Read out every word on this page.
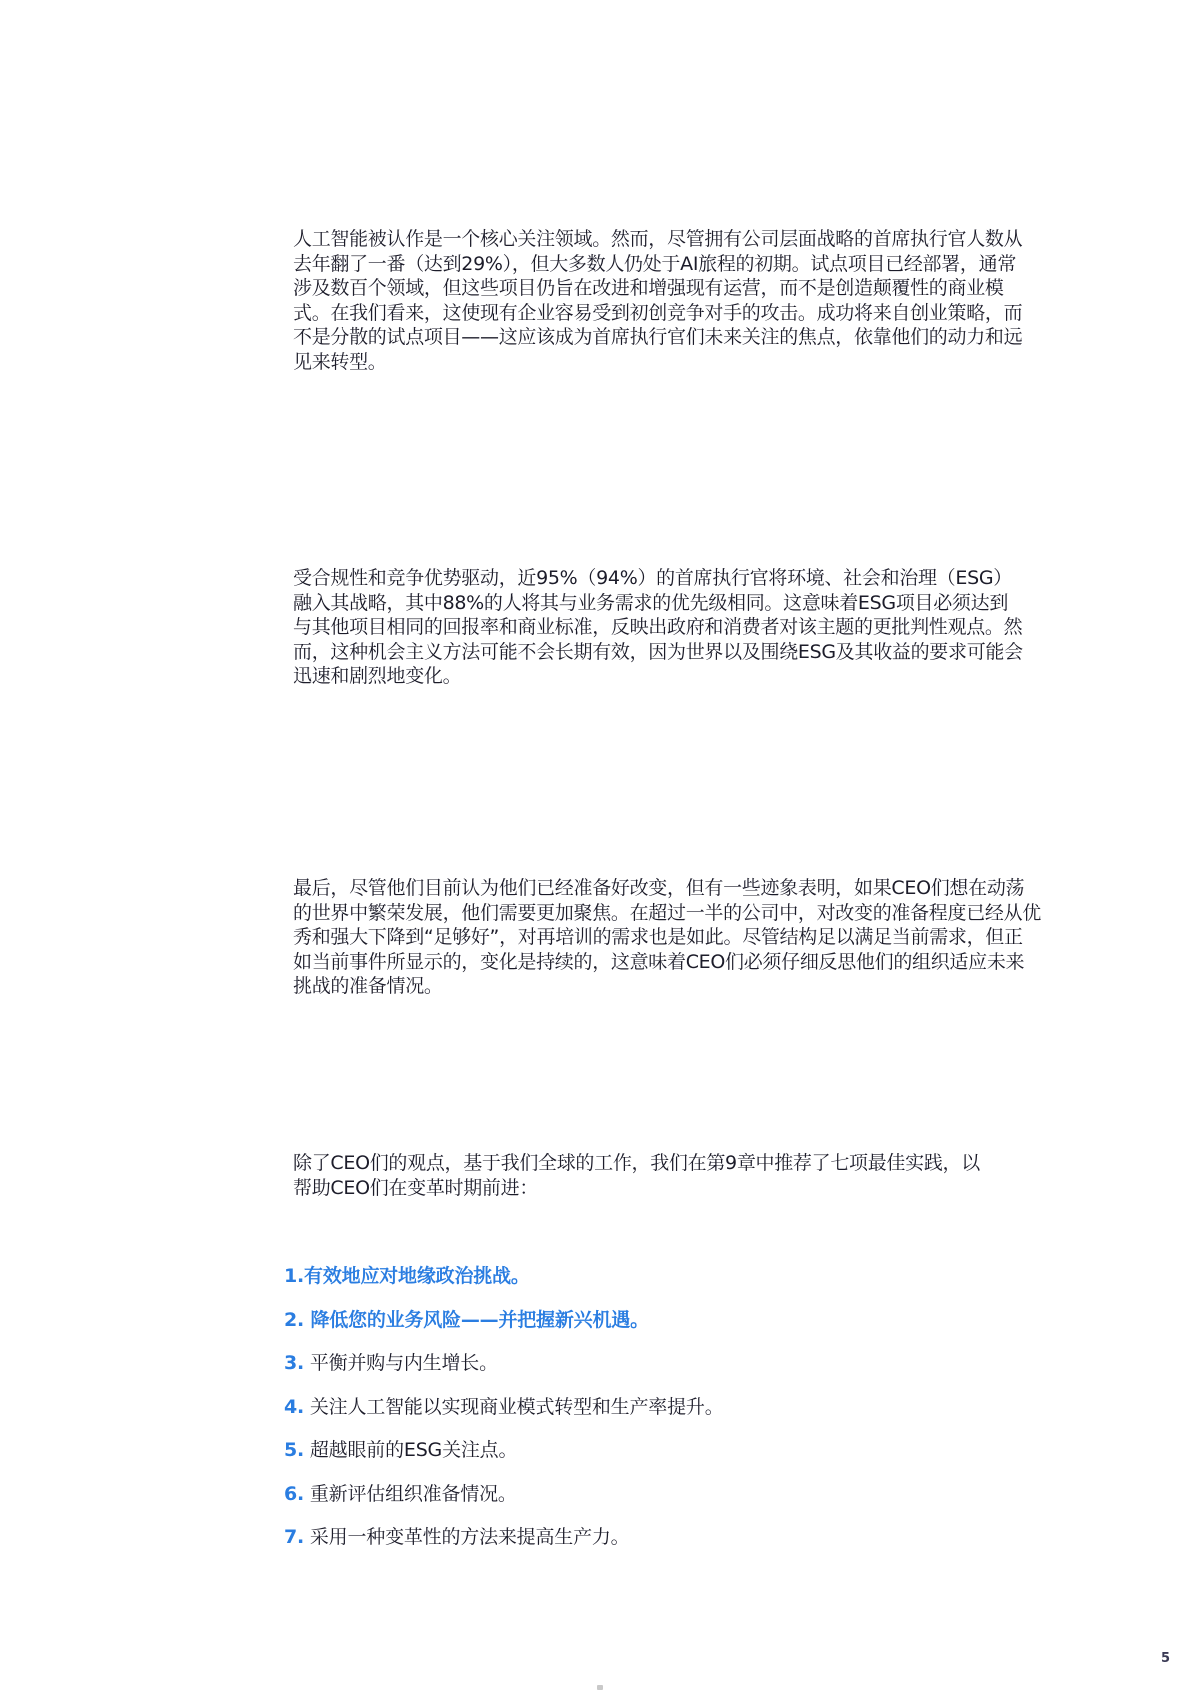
人工智能被认作是一个核心关注领域。然而，尽管拥有公司层面战略的首席执行官人数从去年翻了一番（达到29%），但大多数人仍处于AI旅程的初期。试点项目已经部署，通常涉及数百个领域，但这些项目仍旨在改进和增强现有运营，而不是创造颠覆性的商业模式。在我们看来，这使现有企业容易受到初创竞争对手的攻击。成功将来自创业策略，而不是分散的试点项目——这应该成为首席执行官们未来关注的焦点，依靠他们的动力和远见来转型。

受合规性和竞争优势驱动，近95%（94%）的首席执行官将环境、社会和治理（ESG）融入其战略，其中88%的人将其与业务需求的优先级相同。这意味着ESG项目必须达到与其他项目相同的回报率和商业标准，反映出政府和消费者对该主题的更批判性观点。然而，这种机会主义方法可能不会长期有效，因为世界以及围绕ESG及其收益的要求可能会迅速和剧烈地变化。

最后，尽管他们目前认为他们已经准备好改变，但有一些迹象表明，如果CEO们想在动荡的世界中繁荣发展，他们需要更加聚焦。在超过一半的公司中，对改变的准备程度已经从优秀和强大下降到“足够好”，对再培训的需求也是如此。尽管结构足以满足当前需求，但正如当前事件所显示的，变化是持续的，这意味着CEO们必须仔细反思他们的组织适应未来挑战的准备情况。

除了CEO们的观点，基于我们全球的工作，我们在第9章中推荐了七项最佳实践，以帮助CEO们在变革时期前进：

1.有效地应对地缘政治挑战。
2. 降低您的业务风险——并把握新兴机遇。
3. 平衡并购与内生增长。
4. 关注人工智能以实现商业模式转型和生产率提升。
5. 超越眼前的ESG关注点。
6. 重新评估组织准备情况。
7. 采用一种变革性的方法来提高生产力。
5
